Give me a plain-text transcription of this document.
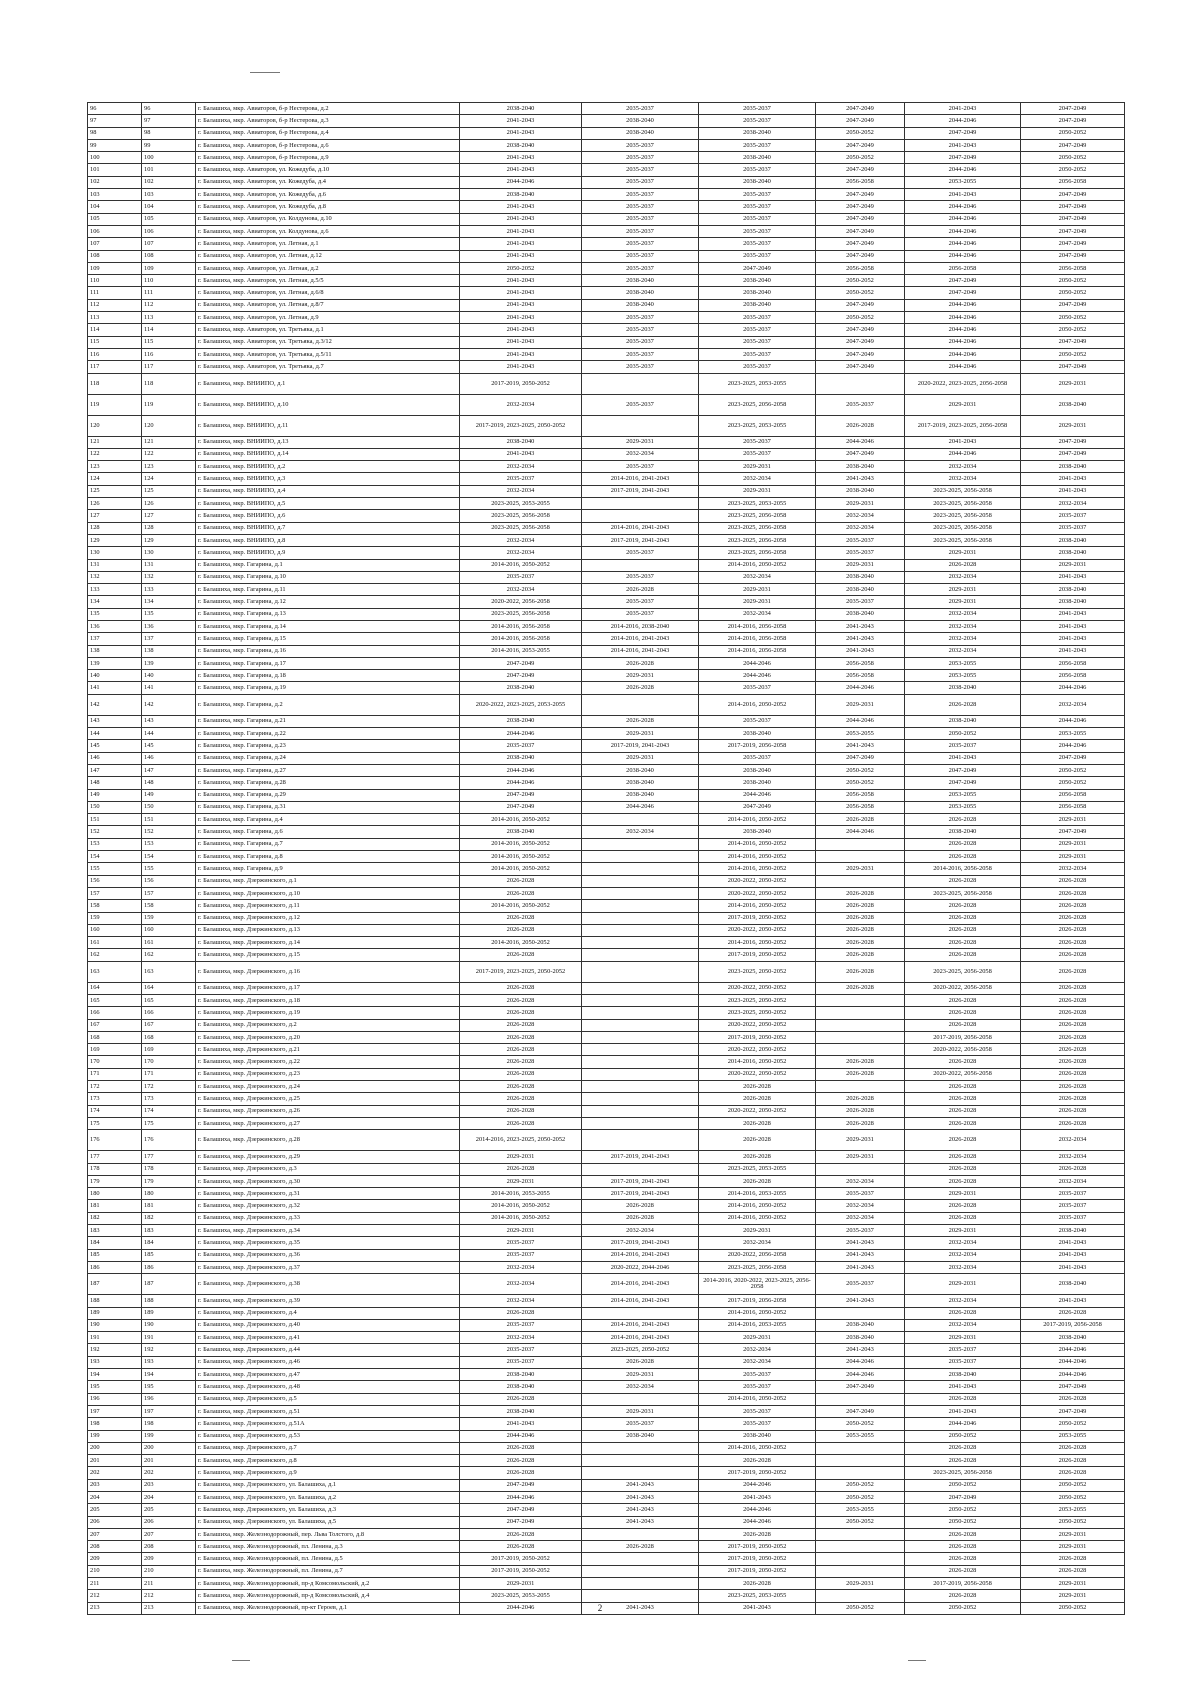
96	96	г. Балашиха, мкр. Авиаторов, б-р Нестерова, д.2	2038-2040	2035-2037	2035-2037	2047-2049	2041-2043	2047-2049
97	97	г. Балашиха, мкр. Авиаторов, б-р Нестерова, д.3	2041-2043	2038-2040	2035-2037	2047-2049	2044-2046	2047-2049
98	98	г. Балашиха, мкр. Авиаторов, б-р Нестерова, д.4	2041-2043	2038-2040	2038-2040	2050-2052	2047-2049	2050-2052
99	99	г. Балашиха, мкр. Авиаторов, б-р Нестерова, д.6	2038-2040	2035-2037	2035-2037	2047-2049	2041-2043	2047-2049
100	100	г. Балашиха, мкр. Авиаторов, б-р Нестерова, д.9	2041-2043	2035-2037	2038-2040	2050-2052	2047-2049	2050-2052
101	101	г. Балашиха, мкр. Авиаторов, ул. Кожедуба, д.10	2041-2043	2035-2037	2035-2037	2047-2049	2044-2046	2050-2052
102	102	г. Балашиха, мкр. Авиаторов, ул. Кожедуба, д.4	2044-2046	2035-2037	2038-2040	2056-2058	2053-2055	2056-2058
103	103	г. Балашиха, мкр. Авиаторов, ул. Кожедуба, д.6	2038-2040	2035-2037	2035-2037	2047-2049	2041-2043	2047-2049
104	104	г. Балашиха, мкр. Авиаторов, ул. Кожедуба, д.8	2041-2043	2035-2037	2035-2037	2047-2049	2044-2046	2047-2049
105	105	г. Балашиха, мкр. Авиаторов, ул. Колдунова, д.10	2041-2043	2035-2037	2035-2037	2047-2049	2044-2046	2047-2049
106	106	г. Балашиха, мкр. Авиаторов, ул. Колдунова, д.6	2041-2043	2035-2037	2035-2037	2047-2049	2044-2046	2047-2049
107	107	г. Балашиха, мкр. Авиаторов, ул. Летная, д.1	2041-2043	2035-2037	2035-2037	2047-2049	2044-2046	2047-2049
108	108	г. Балашиха, мкр. Авиаторов, ул. Летная, д.12	2041-2043	2035-2037	2035-2037	2047-2049	2044-2046	2047-2049
109	109	г. Балашиха, мкр. Авиаторов, ул. Летная, д.2	2050-2052	2035-2037	2047-2049	2056-2058	2056-2058	2056-2058
110	110	г. Балашиха, мкр. Авиаторов, ул. Летная, д.5/5	2041-2043	2038-2040	2038-2040	2050-2052	2047-2049	2050-2052
111	111	г. Балашиха, мкр. Авиаторов, ул. Летная, д.6/8	2041-2043	2038-2040	2038-2040	2050-2052	2047-2049	2050-2052
112	112	г. Балашиха, мкр. Авиаторов, ул. Летная, д.8/7	2041-2043	2038-2040	2038-2040	2047-2049	2044-2046	2047-2049
113	113	г. Балашиха, мкр. Авиаторов, ул. Летная, д.9	2041-2043	2035-2037	2035-2037	2050-2052	2044-2046	2050-2052
114	114	г. Балашиха, мкр. Авиаторов, ул. Третьяка, д.1	2041-2043	2035-2037	2035-2037	2047-2049	2044-2046	2050-2052
115	115	г. Балашиха, мкр. Авиаторов, ул. Третьяка, д.3/12	2041-2043	2035-2037	2035-2037	2047-2049	2044-2046	2047-2049
116	116	г. Балашиха, мкр. Авиаторов, ул. Третьяка, д.5/11	2041-2043	2035-2037	2035-2037	2047-2049	2044-2046	2050-2052
117	117	г. Балашиха, мкр. Авиаторов, ул. Третьяка, д.7	2041-2043	2035-2037	2035-2037	2047-2049	2044-2046	2047-2049
118	118	г. Балашиха, мкр. ВНИИПО, д.1	2017-2019, 2050-2052		2023-2025, 2053-2055		2020-2022, 2023-2025, 2056-2058	2029-2031
119	119	г. Балашиха, мкр. ВНИИПО, д.10	2032-2034	2035-2037	2023-2025, 2056-2058	2035-2037	2029-2031	2038-2040
120	120	г. Балашиха, мкр. ВНИИПО, д.11	2017-2019, 2023-2025, 2050-2052		2023-2025, 2053-2055	2026-2028	2017-2019, 2023-2025, 2056-2058	2029-2031
121	121	г. Балашиха, мкр. ВНИИПО, д.13	2038-2040	2029-2031	2035-2037	2044-2046	2041-2043	2047-2049
122	122	г. Балашиха, мкр. ВНИИПО, д.14	2041-2043	2032-2034	2035-2037	2047-2049	2044-2046	2047-2049
123	123	г. Балашиха, мкр. ВНИИПО, д.2	2032-2034	2035-2037	2029-2031	2038-2040	2032-2034	2038-2040
124	124	г. Балашиха, мкр. ВНИИПО, д.3	2035-2037	2014-2016, 2041-2043	2032-2034	2041-2043	2032-2034	2041-2043
125	125	г. Балашиха, мкр. ВНИИПО, д.4	2032-2034	2017-2019, 2041-2043	2029-2031	2038-2040	2023-2025, 2056-2058	2041-2043
126	126	г. Балашиха, мкр. ВНИИПО, д.5	2023-2025, 2053-2055		2023-2025, 2053-2055	2029-2031	2023-2025, 2056-2058	2032-2034
127	127	г. Балашиха, мкр. ВНИИПО, д.6	2023-2025, 2056-2058		2023-2025, 2056-2058	2032-2034	2023-2025, 2056-2058	2035-2037
128	128	г. Балашиха, мкр. ВНИИПО, д.7	2023-2025, 2056-2058	2014-2016, 2041-2043	2023-2025, 2056-2058	2032-2034	2023-2025, 2056-2058	2035-2037
129	129	г. Балашиха, мкр. ВНИИПО, д.8	2032-2034	2017-2019, 2041-2043	2023-2025, 2056-2058	2035-2037	2023-2025, 2056-2058	2038-2040
130	130	г. Балашиха, мкр. ВНИИПО, д.9	2032-2034	2035-2037	2023-2025, 2056-2058	2035-2037	2029-2031	2038-2040
131	131	г. Балашиха, мкр. Гагарина, д.1	2014-2016, 2050-2052		2014-2016, 2050-2052	2029-2031	2026-2028	2029-2031
132	132	г. Балашиха, мкр. Гагарина, д.10	2035-2037	2035-2037	2032-2034	2038-2040	2032-2034	2041-2043
133	133	г. Балашиха, мкр. Гагарина, д.11	2032-2034	2026-2028	2029-2031	2038-2040	2029-2031	2038-2040
134	134	г. Балашиха, мкр. Гагарина, д.12	2020-2022, 2056-2058	2035-2037	2029-2031	2035-2037	2029-2031	2038-2040
135	135	г. Балашиха, мкр. Гагарина, д.13	2023-2025, 2056-2058	2035-2037	2032-2034	2038-2040	2032-2034	2041-2043
136	136	г. Балашиха, мкр. Гагарина, д.14	2014-2016, 2056-2058	2014-2016, 2038-2040	2014-2016, 2056-2058	2041-2043	2032-2034	2041-2043
137	137	г. Балашиха, мкр. Гагарина, д.15	2014-2016, 2056-2058	2014-2016, 2041-2043	2014-2016, 2056-2058	2041-2043	2032-2034	2041-2043
138	138	г. Балашиха, мкр. Гагарина, д.16	2014-2016, 2053-2055	2014-2016, 2041-2043	2014-2016, 2056-2058	2041-2043	2032-2034	2041-2043
139	139	г. Балашиха, мкр. Гагарина, д.17	2047-2049	2026-2028	2044-2046	2056-2058	2053-2055	2056-2058
140	140	г. Балашиха, мкр. Гагарина, д.18	2047-2049	2029-2031	2044-2046	2056-2058	2053-2055	2056-2058
141	141	г. Балашиха, мкр. Гагарина, д.19	2038-2040	2026-2028	2035-2037	2044-2046	2038-2040	2044-2046
142	142	г. Балашиха, мкр. Гагарина, д.2	2020-2022, 2023-2025, 2053-2055		2014-2016, 2050-2052	2029-2031	2026-2028	2032-2034
143	143	г. Балашиха, мкр. Гагарина, д.21	2038-2040	2026-2028	2035-2037	2044-2046	2038-2040	2044-2046
144	144	г. Балашиха, мкр. Гагарина, д.22	2044-2046	2029-2031	2038-2040	2053-2055	2050-2052	2053-2055
145	145	г. Балашиха, мкр. Гагарина, д.23	2035-2037	2017-2019, 2041-2043	2017-2019, 2056-2058	2041-2043	2035-2037	2044-2046
146	146	г. Балашиха, мкр. Гагарина, д.24	2038-2040	2029-2031	2035-2037	2047-2049	2041-2043	2047-2049
147	147	г. Балашиха, мкр. Гагарина, д.27	2044-2046	2038-2040	2038-2040	2050-2052	2047-2049	2050-2052
148	148	г. Балашиха, мкр. Гагарина, д.28	2044-2046	2038-2040	2038-2040	2050-2052	2047-2049	2050-2052
149	149	г. Балашиха, мкр. Гагарина, д.29	2047-2049	2038-2040	2044-2046	2056-2058	2053-2055	2056-2058
150	150	г. Балашиха, мкр. Гагарина, д.31	2047-2049	2044-2046	2047-2049	2056-2058	2053-2055	2056-2058
151	151	г. Балашиха, мкр. Гагарина, д.4	2014-2016, 2050-2052		2014-2016, 2050-2052	2026-2028	2026-2028	2029-2031
152	152	г. Балашиха, мкр. Гагарина, д.6	2038-2040	2032-2034	2038-2040	2044-2046	2038-2040	2047-2049
153	153	г. Балашиха, мкр. Гагарина, д.7	2014-2016, 2050-2052		2014-2016, 2050-2052		2026-2028	2029-2031
154	154	г. Балашиха, мкр. Гагарина, д.8	2014-2016, 2050-2052		2014-2016, 2050-2052		2026-2028	2029-2031
155	155	г. Балашиха, мкр. Гагарина, д.9	2014-2016, 2050-2052		2014-2016, 2050-2052	2029-2031	2014-2016, 2056-2058	2032-2034
156	156	г. Балашиха, мкр. Дзержинского, д.1	2026-2028		2020-2022, 2050-2052		2026-2028	2026-2028
157	157	г. Балашиха, мкр. Дзержинского, д.10	2026-2028		2020-2022, 2050-2052	2026-2028	2023-2025, 2056-2058	2026-2028
158	158	г. Балашиха, мкр. Дзержинского, д.11	2014-2016, 2050-2052		2014-2016, 2050-2052	2026-2028	2026-2028	2026-2028
159	159	г. Балашиха, мкр. Дзержинского, д.12	2026-2028		2017-2019, 2050-2052	2026-2028	2026-2028	2026-2028
160	160	г. Балашиха, мкр. Дзержинского, д.13	2026-2028		2020-2022, 2050-2052	2026-2028	2026-2028	2026-2028
161	161	г. Балашиха, мкр. Дзержинского, д.14	2014-2016, 2050-2052		2014-2016, 2050-2052	2026-2028	2026-2028	2026-2028
162	162	г. Балашиха, мкр. Дзержинского, д.15	2026-2028		2017-2019, 2050-2052	2026-2028	2026-2028	2026-2028
163	163	г. Балашиха, мкр. Дзержинского, д.16	2017-2019, 2023-2025, 2050-2052		2023-2025, 2050-2052	2026-2028	2023-2025, 2056-2058	2026-2028
164	164	г. Балашиха, мкр. Дзержинского, д.17	2026-2028		2020-2022, 2050-2052	2026-2028	2020-2022, 2056-2058	2026-2028
165	165	г. Балашиха, мкр. Дзержинского, д.18	2026-2028		2023-2025, 2050-2052		2026-2028	2026-2028
166	166	г. Балашиха, мкр. Дзержинского, д.19	2026-2028		2023-2025, 2050-2052		2026-2028	2026-2028
167	167	г. Балашиха, мкр. Дзержинского, д.2	2026-2028		2020-2022, 2050-2052		2026-2028	2026-2028
168	168	г. Балашиха, мкр. Дзержинского, д.20	2026-2028		2017-2019, 2050-2052		2017-2019, 2056-2058	2026-2028
169	169	г. Балашиха, мкр. Дзержинского, д.21	2026-2028		2020-2022, 2050-2052		2020-2022, 2056-2058	2026-2028
170	170	г. Балашиха, мкр. Дзержинского, д.22	2026-2028		2014-2016, 2050-2052	2026-2028	2026-2028	2026-2028
171	171	г. Балашиха, мкр. Дзержинского, д.23	2026-2028		2020-2022, 2050-2052	2026-2028	2020-2022, 2056-2058	2026-2028
172	172	г. Балашиха, мкр. Дзержинского, д.24	2026-2028		2026-2028		2026-2028	2026-2028
173	173	г. Балашиха, мкр. Дзержинского, д.25	2026-2028		2026-2028	2026-2028	2026-2028	2026-2028
174	174	г. Балашиха, мкр. Дзержинского, д.26	2026-2028		2020-2022, 2050-2052	2026-2028	2026-2028	2026-2028
175	175	г. Балашиха, мкр. Дзержинского, д.27	2026-2028		2026-2028	2026-2028	2026-2028	2026-2028
176	176	г. Балашиха, мкр. Дзержинского, д.28	2014-2016, 2023-2025, 2050-2052		2026-2028	2029-2031	2026-2028	2032-2034
177	177	г. Балашиха, мкр. Дзержинского, д.29	2029-2031	2017-2019, 2041-2043	2026-2028	2029-2031	2026-2028	2032-2034
178	178	г. Балашиха, мкр. Дзержинского, д.3	2026-2028		2023-2025, 2053-2055		2026-2028	2026-2028
179	179	г. Балашиха, мкр. Дзержинского, д.30	2029-2031	2017-2019, 2041-2043	2026-2028	2032-2034	2026-2028	2032-2034
180	180	г. Балашиха, мкр. Дзержинского, д.31	2014-2016, 2053-2055	2017-2019, 2041-2043	2014-2016, 2053-2055	2035-2037	2029-2031	2035-2037
181	181	г. Балашиха, мкр. Дзержинского, д.32	2014-2016, 2050-2052	2026-2028	2014-2016, 2050-2052	2032-2034	2026-2028	2035-2037
182	182	г. Балашиха, мкр. Дзержинского, д.33	2014-2016, 2050-2052	2026-2028	2014-2016, 2050-2052	2032-2034	2026-2028	2035-2037
183	183	г. Балашиха, мкр. Дзержинского, д.34	2029-2031	2032-2034	2029-2031	2035-2037	2029-2031	2038-2040
184	184	г. Балашиха, мкр. Дзержинского, д.35	2035-2037	2017-2019, 2041-2043	2032-2034	2041-2043	2032-2034	2041-2043
185	185	г. Балашиха, мкр. Дзержинского, д.36	2035-2037	2014-2016, 2041-2043	2020-2022, 2056-2058	2041-2043	2032-2034	2041-2043
186	186	г. Балашиха, мкр. Дзержинского, д.37	2032-2034	2020-2022, 2044-2046	2023-2025, 2056-2058	2041-2043	2032-2034	2041-2043
187	187	г. Балашиха, мкр. Дзержинского, д.38	2032-2034	2014-2016, 2041-2043	2014-2016, 2020-2022, 2023-2025, 2056-2058	2035-2037	2029-2031	2038-2040
188	188	г. Балашиха, мкр. Дзержинского, д.39	2032-2034	2014-2016, 2041-2043	2017-2019, 2056-2058	2041-2043	2032-2034	2041-2043
189	189	г. Балашиха, мкр. Дзержинского, д.4	2026-2028		2014-2016, 2050-2052		2026-2028	2026-2028
190	190	г. Балашиха, мкр. Дзержинского, д.40	2035-2037	2014-2016, 2041-2043	2014-2016, 2053-2055	2038-2040	2032-2034	2017-2019, 2056-2058
191	191	г. Балашиха, мкр. Дзержинского, д.41	2032-2034	2014-2016, 2041-2043	2029-2031	2038-2040	2029-2031	2038-2040
192	192	г. Балашиха, мкр. Дзержинского, д.44	2035-2037	2023-2025, 2050-2052	2032-2034	2041-2043	2035-2037	2044-2046
193	193	г. Балашиха, мкр. Дзержинского, д.46	2035-2037	2026-2028	2032-2034	2044-2046	2035-2037	2044-2046
194	194	г. Балашиха, мкр. Дзержинского, д.47	2038-2040	2029-2031	2035-2037	2044-2046	2038-2040	2044-2046
195	195	г. Балашиха, мкр. Дзержинского, д.48	2038-2040	2032-2034	2035-2037	2047-2049	2041-2043	2047-2049
196	196	г. Балашиха, мкр. Дзержинского, д.5	2026-2028		2014-2016, 2050-2052		2026-2028	2026-2028
197	197	г. Балашиха, мкр. Дзержинского, д.51	2038-2040	2029-2031	2035-2037	2047-2049	2041-2043	2047-2049
198	198	г. Балашиха, мкр. Дзержинского, д.51А	2041-2043	2035-2037	2035-2037	2050-2052	2044-2046	2050-2052
199	199	г. Балашиха, мкр. Дзержинского, д.53	2044-2046	2038-2040	2038-2040	2053-2055	2050-2052	2053-2055
200	200	г. Балашиха, мкр. Дзержинского, д.7	2026-2028		2014-2016, 2050-2052		2026-2028	2026-2028
201	201	г. Балашиха, мкр. Дзержинского, д.8	2026-2028		2026-2028		2026-2028	2026-2028
202	202	г. Балашиха, мкр. Дзержинского, д.9	2026-2028		2017-2019, 2050-2052		2023-2025, 2056-2058	2026-2028
203	203	г. Балашиха, мкр. Дзержинского, ул. Балашиха, д.1	2047-2049	2041-2043	2044-2046	2050-2052	2050-2052	2050-2052
204	204	г. Балашиха, мкр. Дзержинского, ул. Балашиха, д.2	2044-2046	2041-2043	2041-2043	2050-2052	2047-2049	2050-2052
205	205	г. Балашиха, мкр. Дзержинского, ул. Балашиха, д.3	2047-2049	2041-2043	2044-2046	2053-2055	2050-2052	2053-2055
206	206	г. Балашиха, мкр. Дзержинского, ул. Балашиха, д.5	2047-2049	2041-2043	2044-2046	2050-2052	2050-2052	2050-2052
207	207	г. Балашиха, мкр. Железнодорожный, пер. Льва Толстого, д.8	2026-2028		2026-2028		2026-2028	2029-2031
208	208	г. Балашиха, мкр. Железнодорожный, пл. Ленина, д.3	2026-2028	2026-2028	2017-2019, 2050-2052		2026-2028	2029-2031
209	209	г. Балашиха, мкр. Железнодорожный, пл. Ленина, д.5	2017-2019, 2050-2052		2017-2019, 2050-2052		2026-2028	2026-2028
210	210	г. Балашиха, мкр. Железнодорожный, пл. Ленина, д.7	2017-2019, 2050-2052		2017-2019, 2050-2052		2026-2028	2026-2028
211	211	г. Балашиха, мкр. Железнодорожный, пр-д Комсомольский, д.2	2029-2031		2026-2028	2029-2031	2017-2019, 2056-2058	2029-2031
212	212	г. Балашиха, мкр. Железнодорожный, пр-д Комсомольский, д.4	2023-2025, 2053-2055		2023-2025, 2053-2055		2026-2028	2029-2031
213	213	г. Балашиха, мкр. Железнодорожный, пр-кт Героев, д.1	2044-2046	2041-2043	2041-2043	2050-2052	2050-2052	2050-2052
2
